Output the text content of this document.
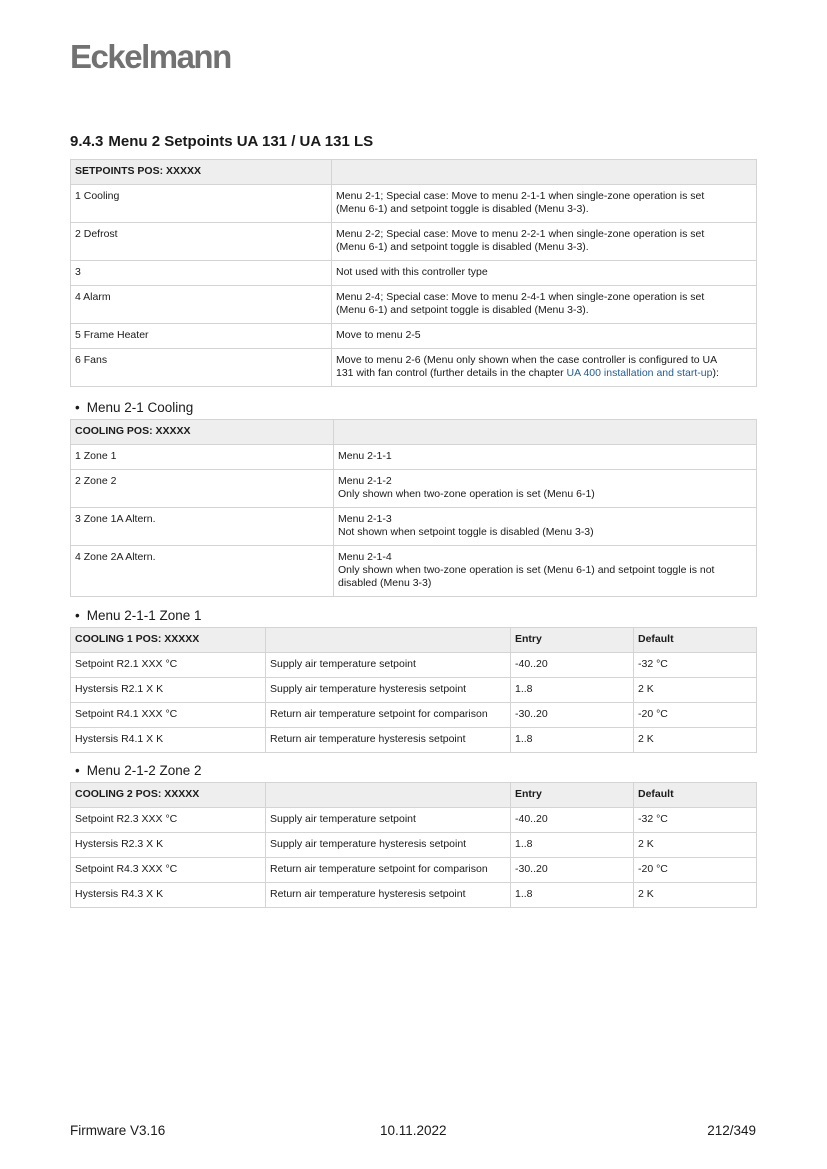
Eckelmann
9.4.3 Menu 2 Setpoints UA 131 / UA 131 LS
SETPOINTS POS: XXXXX	
1 Cooling	Menu 2-1; Special case: Move to menu 2-1-1 when single-zone operation is set
(Menu 6-1) and setpoint toggle is disabled (Menu 3-3).

2 Defrost	Menu 2-2; Special case: Move to menu 2-2-1 when single-zone operation is set
(Menu 6-1) and setpoint toggle is disabled (Menu 3-3).

3	Not used with this controller type
4 Alarm	Menu 2-4; Special case: Move to menu 2-4-1 when single-zone operation is set
(Menu 6-1) and setpoint toggle is disabled (Menu 3-3).

5 Frame Heater	Move to menu 2-5
6 Fans	Move to menu 2-6 (Menu only shown when the case controller is configured to UA
131 with fan control (further details in the chapter UA 400 installation and start-up):
• Menu 2-1 Cooling
COOLING POS: XXXXX	
1 Zone 1	Menu 2-1-1
2 Zone 2	Menu 2-1-2
Only shown when two-zone operation is set (Menu 6-1)

3 Zone 1A Altern.	Menu 2-1-3
Not shown when setpoint toggle is disabled (Menu 3-3)

4 Zone 2A Altern.	Menu 2-1-4
Only shown when two-zone operation is set (Menu 6-1) and setpoint toggle is not
disabled (Menu 3-3)
• Menu 2-1-1 Zone 1
COOLING 1 POS: XXXXX		Entry	Default
Setpoint R2.1 XXX °C	Supply air temperature setpoint	-40..20	-32 °C
Hystersis R2.1 X K	Supply air temperature hysteresis setpoint	1..8	2 K
Setpoint R4.1 XXX °C	Return air temperature setpoint for comparison	-30..20	-20 °C
Hystersis R4.1 X K	Return air temperature hysteresis setpoint	1..8	2 K
• Menu 2-1-2 Zone 2
COOLING 2 POS: XXXXX		Entry	Default
Setpoint R2.3 XXX °C	Supply air temperature setpoint	-40..20	-32 °C
Hystersis R2.3 X K	Supply air temperature hysteresis setpoint	1..8	2 K
Setpoint R4.3 XXX °C	Return air temperature setpoint for comparison	-30..20	-20 °C
Hystersis R4.3 X K	Return air temperature hysteresis setpoint	1..8	2 K
Firmware V3.16	10.11.2022	212/349
